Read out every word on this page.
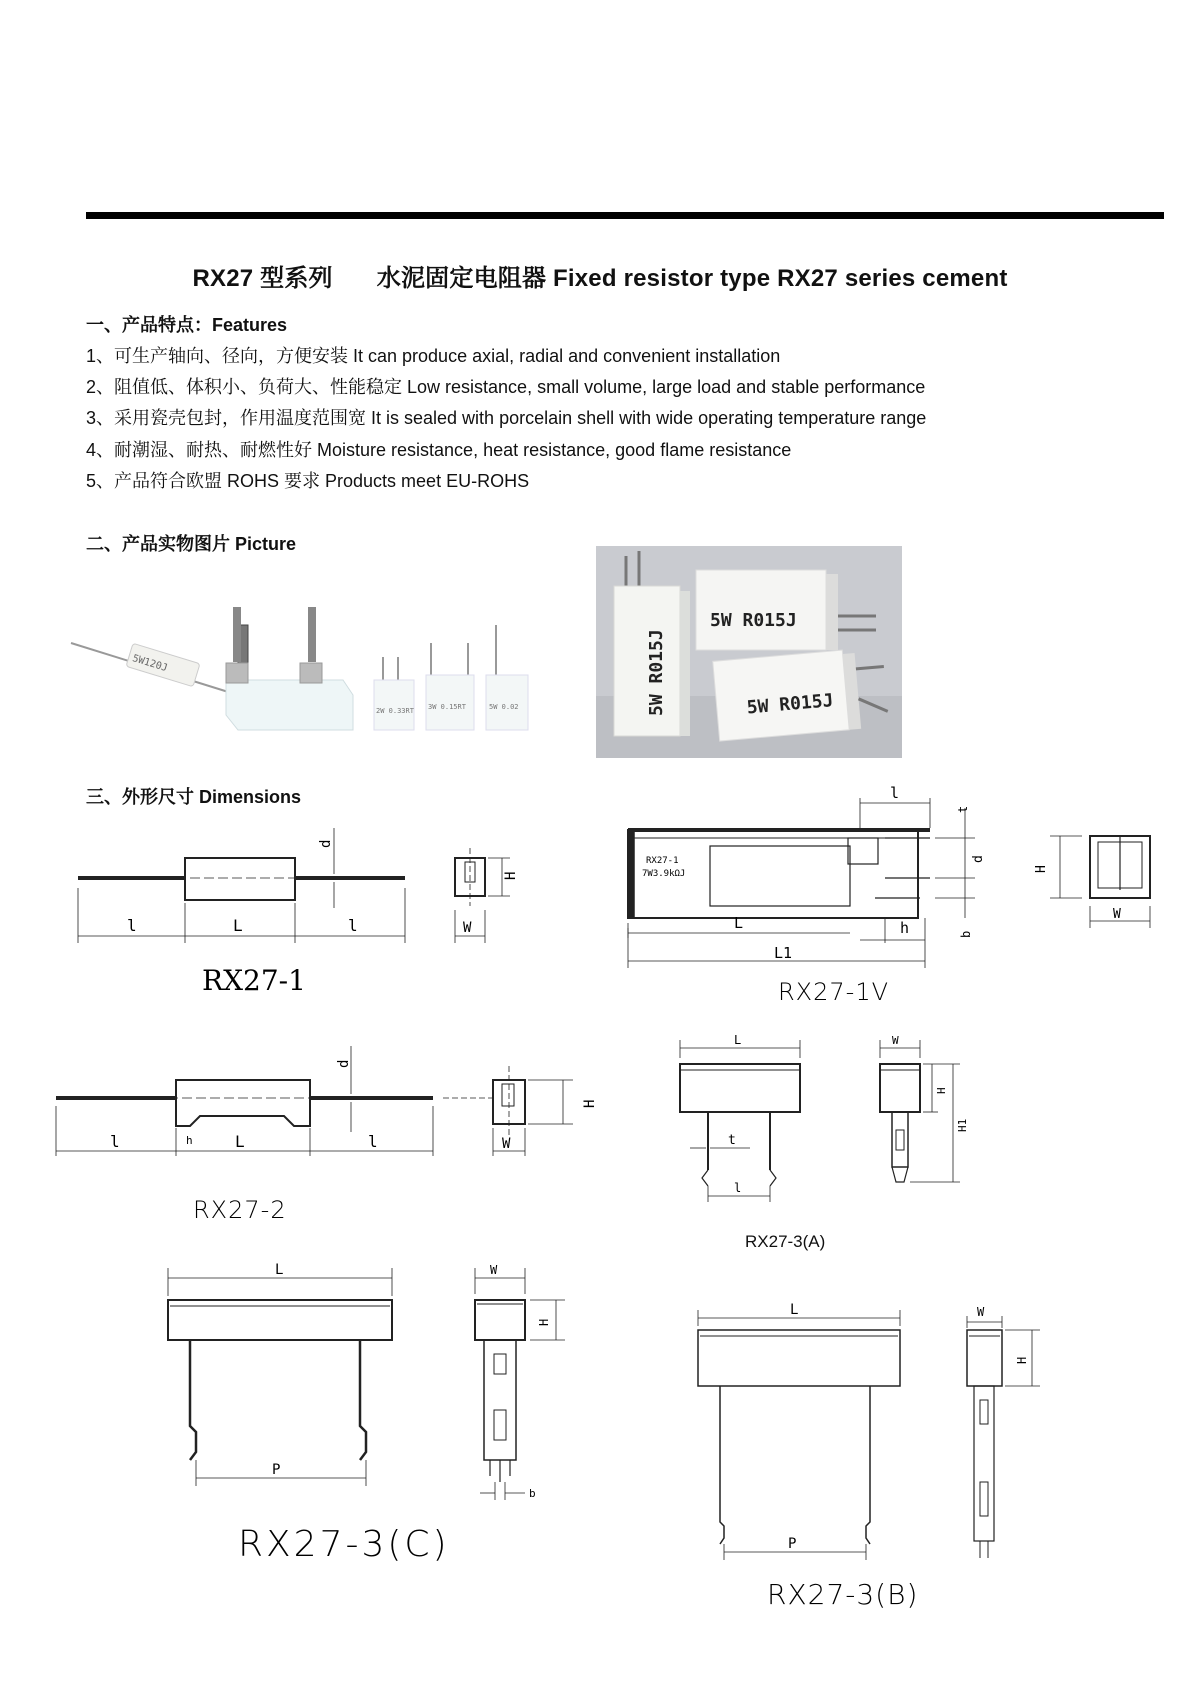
RX27 型系列 水泥固定电阻器 Fixed resistor type RX27 series cement
一、产品特点：Features
1、可生产轴向、径向，方便安装 It can produce axial, radial and convenient installation
2、阻值低、体积小、负荷大、性能稳定 Low resistance, small volume, large load and stable performance
3、采用瓷壳包封，作用温度范围宽 It is sealed with porcelain shell with wide operating temperature range
4、耐潮湿、耐热、耐燃性好 Moisture resistance, heat resistance, good flame resistance
5、产品符合欧盟 ROHS 要求 Products meet EU-ROHS
二、产品实物图片 Picture
5W120J
2W 0.33RT 3W 0.15RT	5W 0.02	5W R015J
5W R015J
5W R015J
三、外形尺寸 Dimensions
l	L	l
d
H
W
RX27-1
RX27-1
7W3.9kΩJ
l
t
d
b
L	h
L1
H
W
RX27-1V
l	h	L	l
d
H
W
RX27-2
L
t
l
W
H
H1
RX27-3(A)
L
P
W
H
b
RX27-3(C)
L
P
W
H
RX27-3(B)
